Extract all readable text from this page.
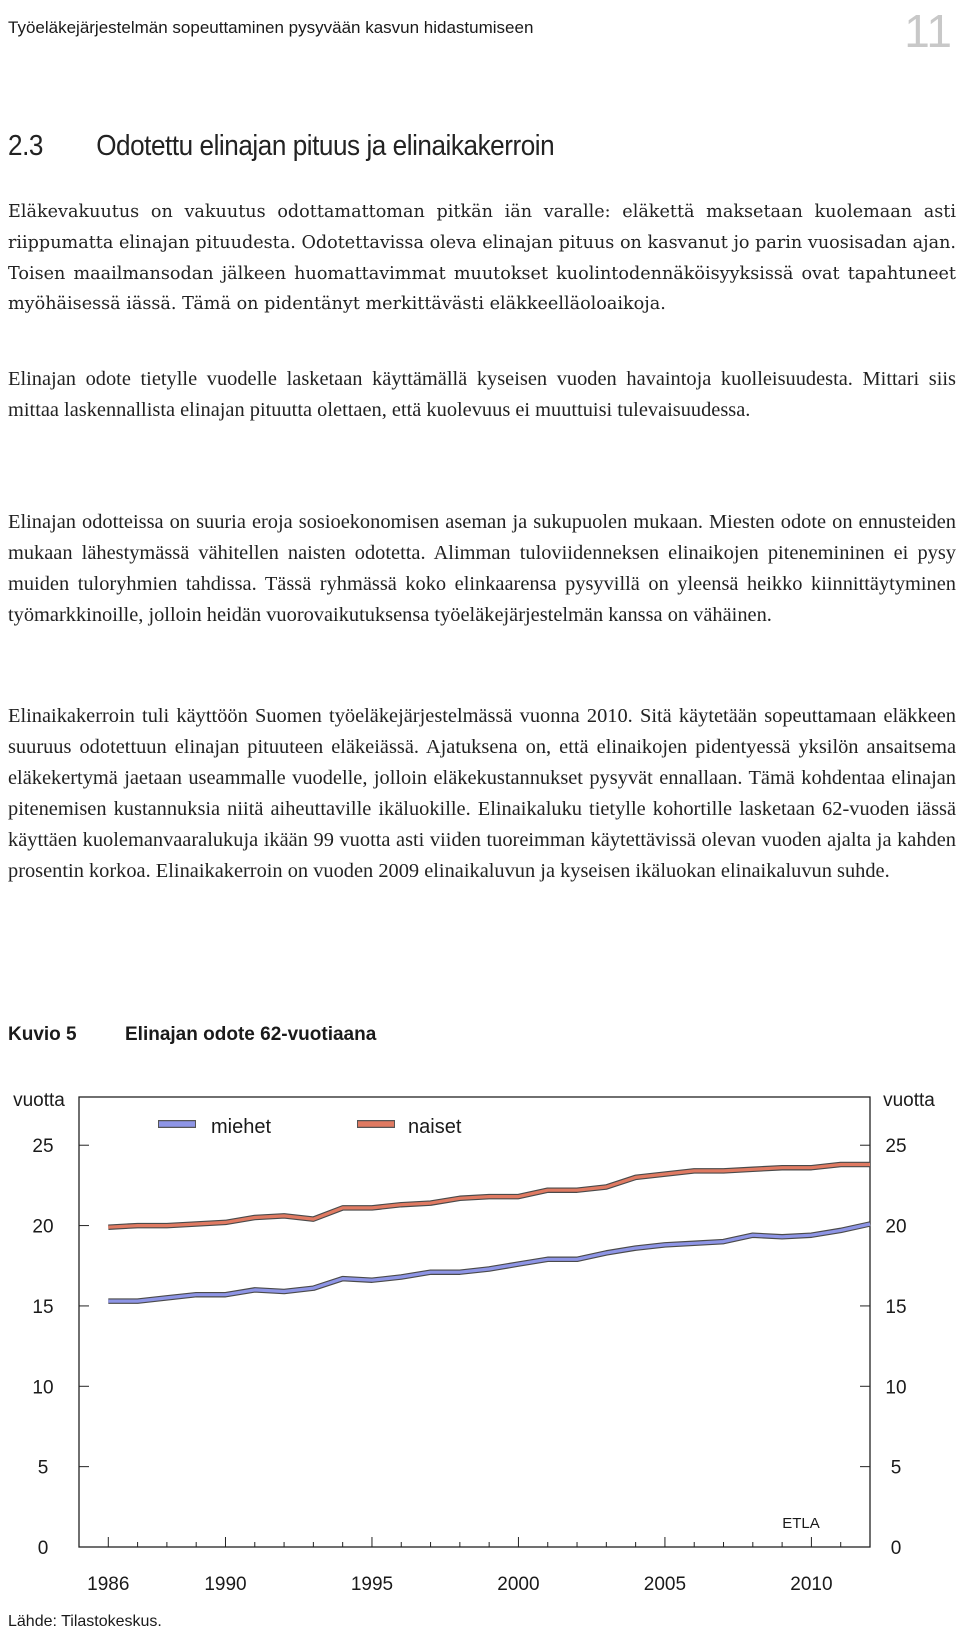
Työeläkejärjestelmän sopeuttaminen pysyvään kasvun hidastumiseen	11
2.3 Odotettu elinajan pituus ja elinaikakerroin

Eläkevakuutus on vakuutus odottamattoman pitkän iän varalle: eläkettä maksetaan kuolemaan asti riippumatta elinajan pituudesta. Odotettavissa oleva elinajan pituus on kasvanut jo parin vuosisadan ajan. Toisen maailmansodan jälkeen huomattavimmat muutokset kuolintodennäköisyyksissä ovat tapahtuneet myöhäisessä iässä. Tämä on pidentänyt merkittävästi eläkkeelläoloaikoja.

Elinajan odote tietylle vuodelle lasketaan käyttämällä kyseisen vuoden havaintoja kuolleisuudesta. Mittari siis mittaa laskennallista elinajan pituutta olettaen, että kuolevuus ei muuttuisi tulevaisuudessa.

Elinajan odotteissa on suuria eroja sosioekonomisen aseman ja sukupuolen mukaan. Miesten odote on ennusteiden mukaan lähestymässä vähitellen naisten odotetta. Alimman tuloviidenneksen elinaikojen pitenemininen ei pysy muiden tuloryhmien tahdissa. Tässä ryhmässä koko elinkaarensa pysyvillä on yleensä heikko kiinnittäytyminen työmarkkinoille, jolloin heidän vuorovaikutuksensa työeläkejärjestelmän kanssa on vähäinen.

Elinaikakerroin tuli käyttöön Suomen työeläkejärjestelmässä vuonna 2010. Sitä käytetään sopeuttamaan eläkkeen suuruus odotettuun elinajan pituuteen eläkeiässä. Ajatuksena on, että elinaikojen pidentyessä yksilön ansaitsema eläkekertymä jaetaan useammalle vuodelle, jolloin eläkekustannukset pysyvät ennallaan. Tämä kohdentaa elinajan pitenemisen kustannuksia niitä aiheuttaville ikäluokille. Elinaikaluku tietylle kohortille lasketaan 62-vuoden iässä käyttäen kuolemanvaaralukuja ikään 99 vuotta asti viiden tuoreimman käytettävissä olevan vuoden ajalta ja kahden prosentin korkoa. Elinaikakerroin on vuoden 2009 elinaikaluvun ja kyseisen ikäluokan elinaikaluvun suhde.

Kuvio 5	Elinajan odote 62-vuotiaana
0	0
5	5
10	10
15	15
20	20
25	25
1986	1990	1995	2000	2005	2010
vuotta	vuotta
ETLA
miehet	naiset
Lähde: Tilastokeskus.
